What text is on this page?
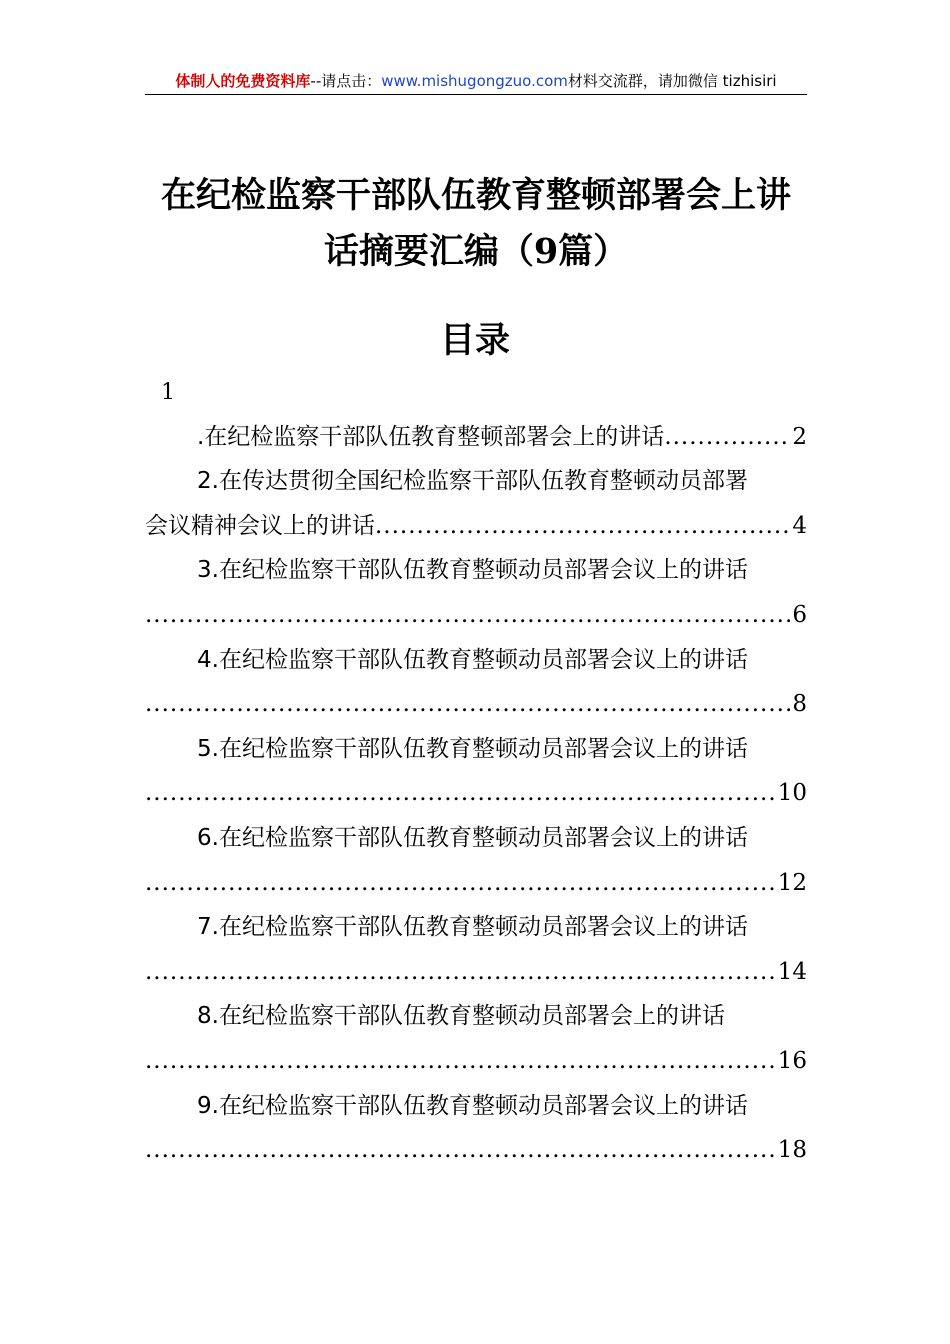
体制人的免费资料库--请点击：www.mishugongzuo.com材料交流群，请加微信 tizhisiri
在纪检监察干部队伍教育整顿部署会上讲
话摘要汇编（9篇）
目录
1
.在纪检监察干部队伍教育整顿部署会上的讲话 .....	2
2.在传达贯彻全国纪检监察干部队伍教育整顿动员部署
会议精神会议上的讲话 .....	4
3.在纪检监察干部队伍教育整顿动员部署会议上的讲话
.....
6
4.在纪检监察干部队伍教育整顿动员部署会议上的讲话
.....
8
5.在纪检监察干部队伍教育整顿动员部署会议上的讲话
.....
10
6.在纪检监察干部队伍教育整顿动员部署会议上的讲话
.....
12
7.在纪检监察干部队伍教育整顿动员部署会议上的讲话
.....
14
8.在纪检监察干部队伍教育整顿动员部署会上的讲话
.....
16
9.在纪检监察干部队伍教育整顿动员部署会议上的讲话
.....
18
